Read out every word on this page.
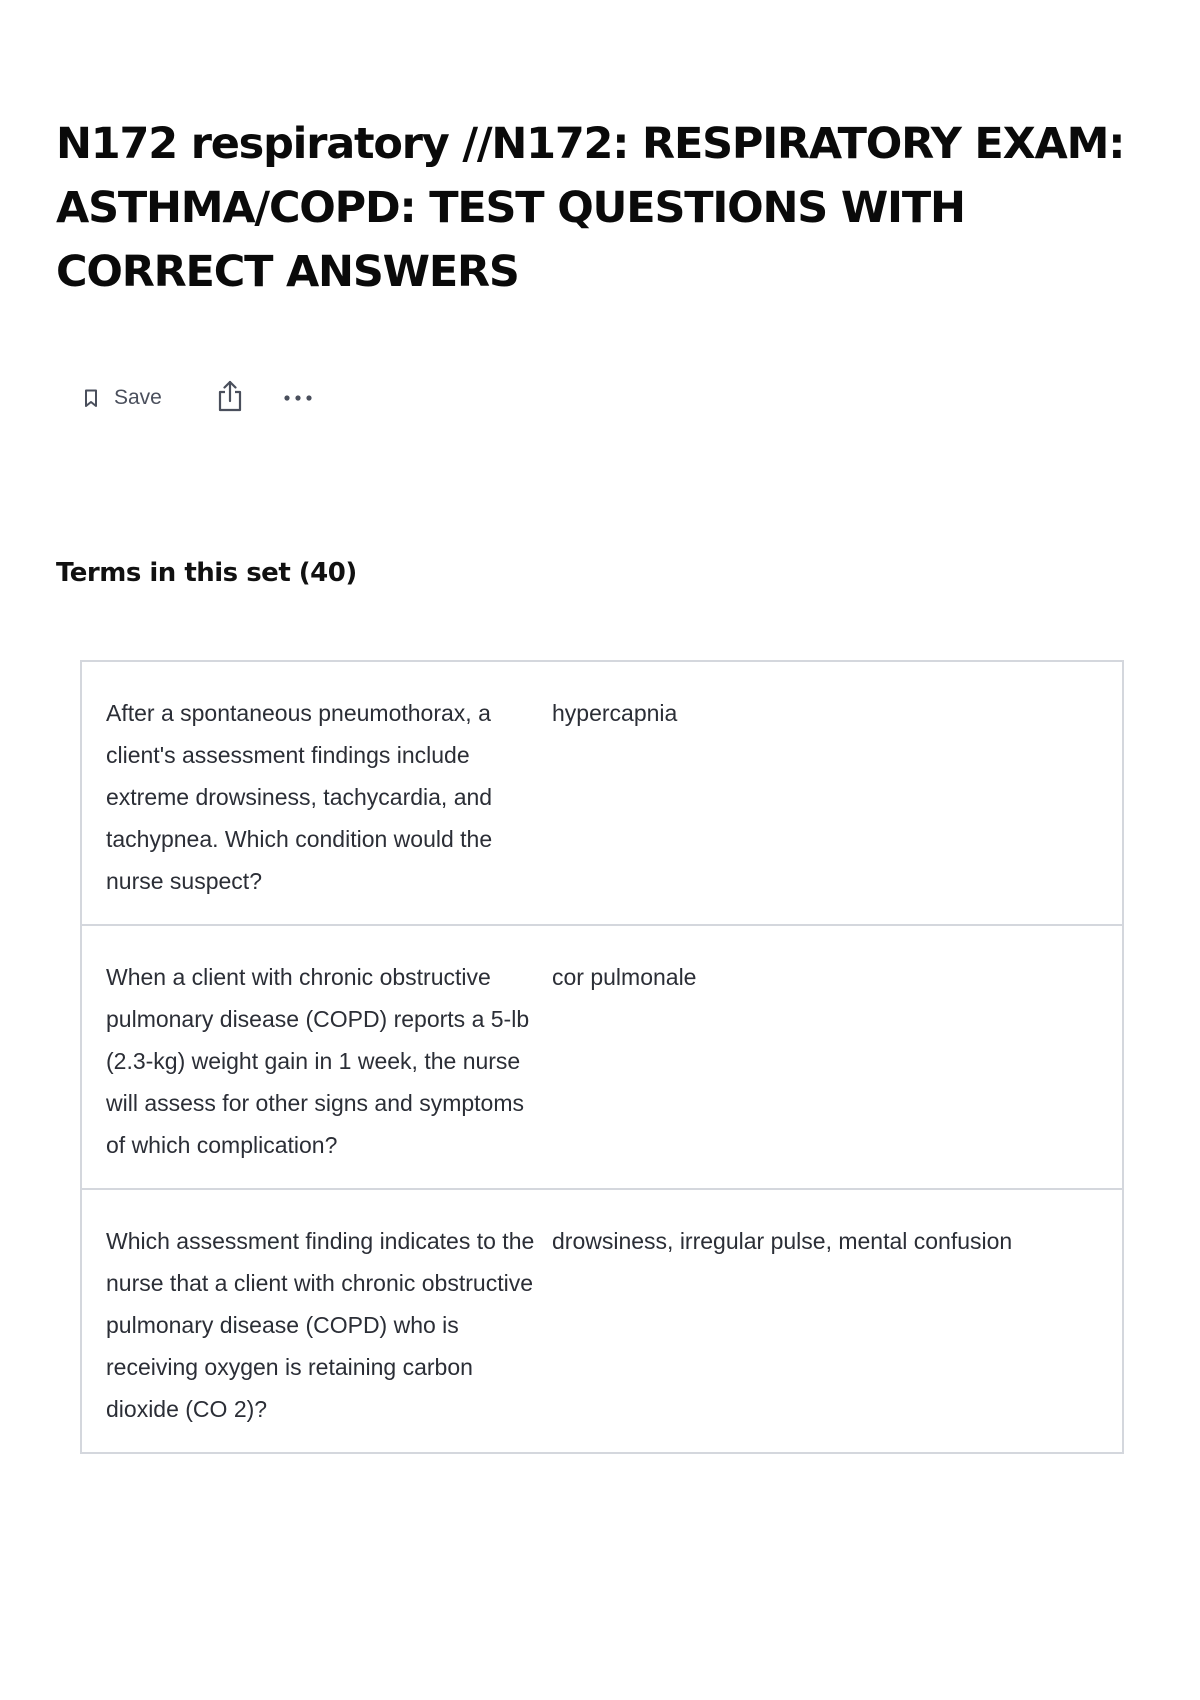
N172 respiratory //N172: RESPIRATORY EXAM: ASTHMA/COPD: TEST QUESTIONS WITH CORRECT ANSWERS
Save
Terms in this set (40)
After a spontaneous pneumothorax, a client's assessment findings include extreme drowsiness, tachycardia, and tachypnea. Which condition would the nurse suspect?
hypercapnia
When a client with chronic obstructive pulmonary disease (COPD) reports a 5-lb (2.3-kg) weight gain in 1 week, the nurse will assess for other signs and symptoms of which complication?
cor pulmonale
Which assessment finding indicates to the nurse that a client with chronic obstructive pulmonary disease (COPD) who is receiving oxygen is retaining carbon dioxide (CO 2)?
drowsiness, irregular pulse, mental confusion
